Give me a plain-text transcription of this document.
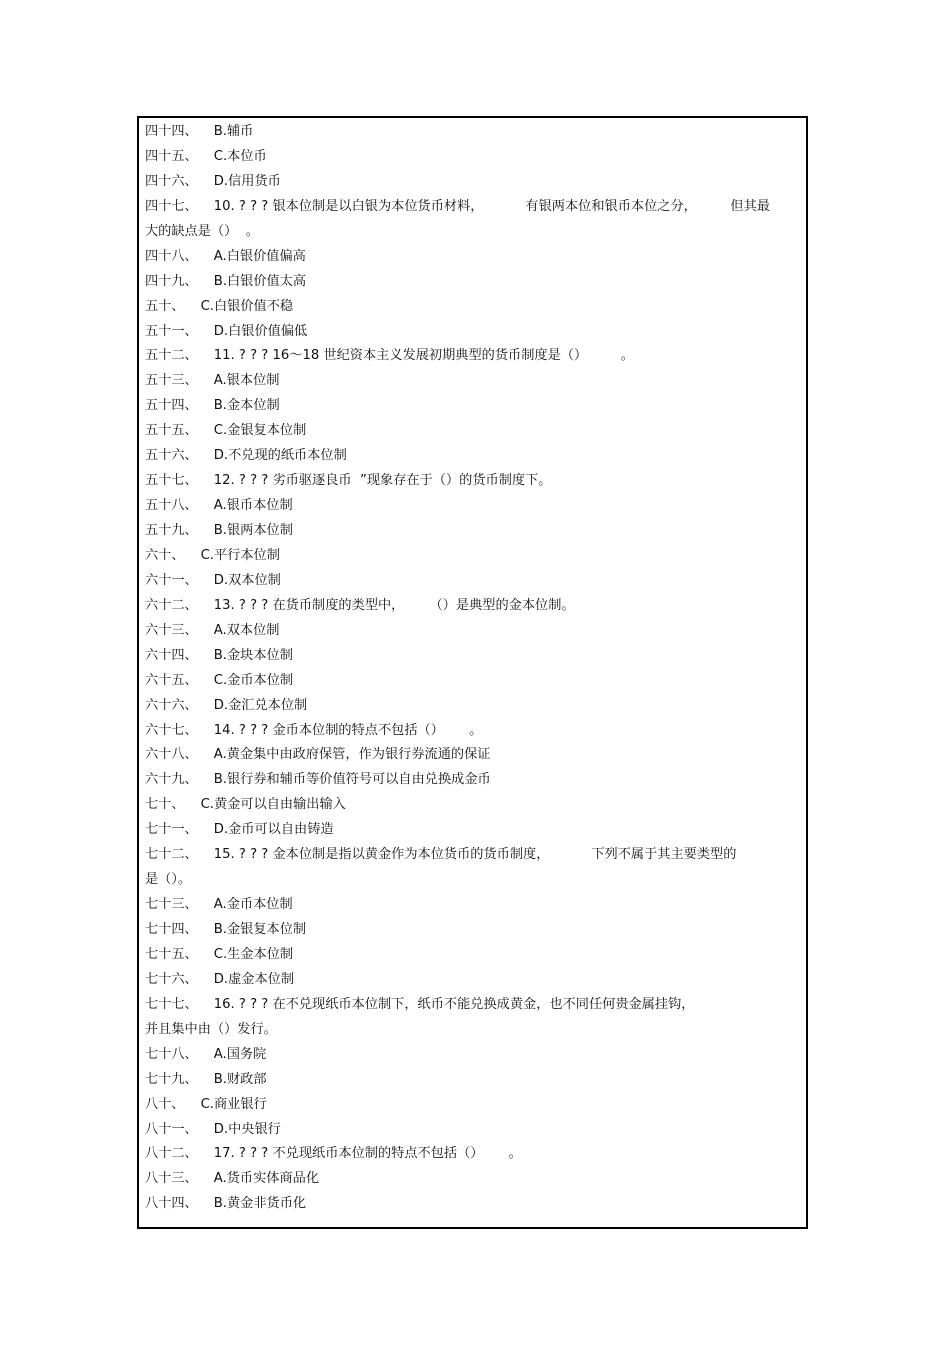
四十四、 B.辅币
四十五、 C.本位币
四十六、 D.信用货币
四十七、 10. ? ? ? 银本位制是以白银为本位货币材料，          有银两本位和银币本位之分，        但其最
大的缺点是（）  。
四十八、 A.白银价值偏高
四十九、 B.白银价值太高
五十、 C.白银价值不稳
五十一、 D.白银价值偏低
五十二、 11. ? ? ? 16～18 世纪资本主义发展初期典型的货币制度是（）        。
五十三、 A.银本位制
五十四、 B.金本位制
五十五、 C.金银复本位制
五十六、 D.不兑现的纸币本位制
五十七、 12. ? ? ? 劣币驱逐良币  ”现象存在于（）的货币制度下。
五十八、 A.银币本位制
五十九、 B.银两本位制
六十、 C.平行本位制
六十一、 D.双本位制
六十二、 13. ? ? ? 在货币制度的类型中，      （）是典型的金本位制。
六十三、 A.双本位制
六十四、 B.金块本位制
六十五、 C.金币本位制
六十六、 D.金汇兑本位制
六十七、 14. ? ? ? 金币本位制的特点不包括（）      。
六十八、 A.黄金集中由政府保管，作为银行券流通的保证
六十九、 B.银行券和辅币等价值符号可以自由兑换成金币
七十、 C.黄金可以自由输出输入
七十一、 D.金币可以自由铸造
七十二、 15. ? ? ? 金本位制是指以黄金作为本位货币的货币制度，          下列不属于其主要类型的
是（）。
七十三、 A.金币本位制
七十四、 B.金银复本位制
七十五、 C.生金本位制
七十六、 D.虚金本位制
七十七、 16. ? ? ? 在不兑现纸币本位制下，纸币不能兑换成黄金，也不同任何贵金属挂钩，
并且集中由（）发行。
七十八、 A.国务院
七十九、 B.财政部
八十、 C.商业银行
八十一、 D.中央银行
八十二、 17. ? ? ? 不兑现纸币本位制的特点不包括（）      。
八十三、 A.货币实体商品化
八十四、 B.黄金非货币化
